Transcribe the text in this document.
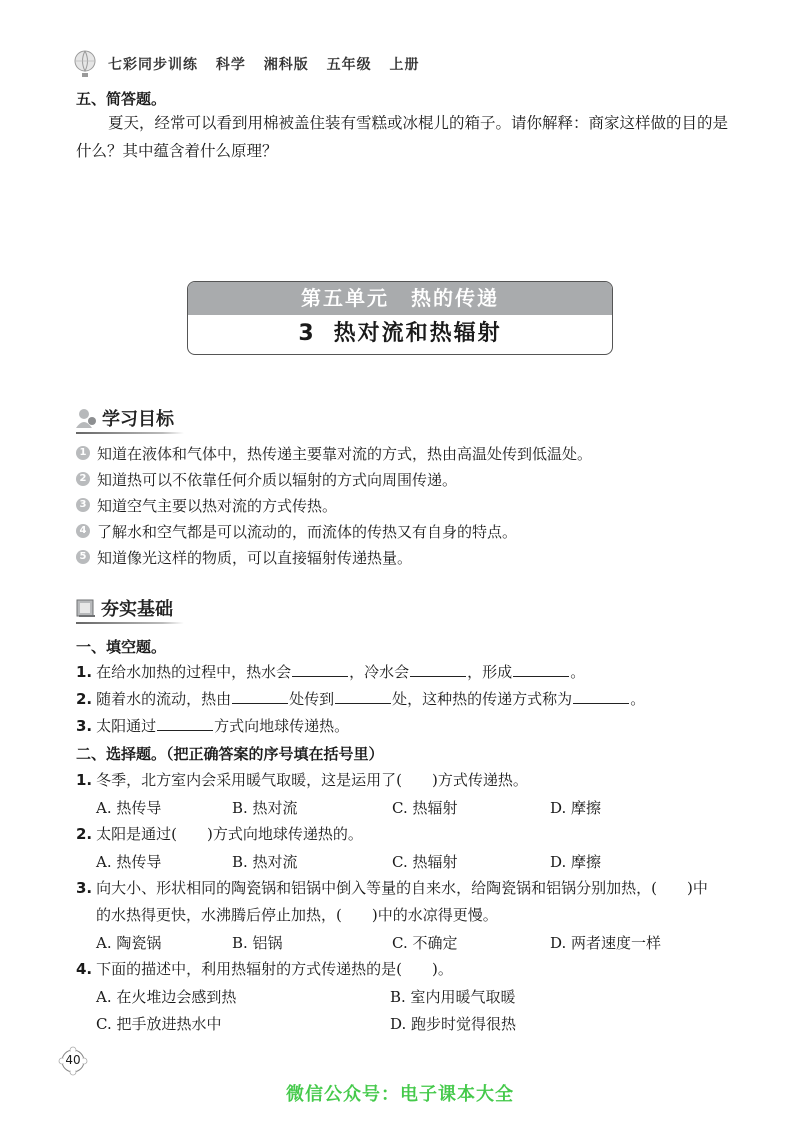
七彩同步训练 科学 湘科版 五年级 上册
五、简答题。
夏天，经常可以看到用棉被盖住装有雪糕或冰棍儿的箱子。请你解释：商家这样做的目的是
什么？其中蕴含着什么原理？
第五单元　热的传递
3 热对流和热辐射
学习目标
1 知道在液体和气体中，热传递主要靠对流的方式，热由高温处传到低温处。
2 知道热可以不依靠任何介质以辐射的方式向周围传递。
3 知道空气主要以热对流的方式传热。
4 了解水和空气都是可以流动的，而流体的传热又有自身的特点。
5 知道像光这样的物质，可以直接辐射传递热量。
夯实基础
一、填空题。
1. 在给水加热的过程中，热水会	，冷水会	，形成	。
2. 随着水的流动，热由	处传到	处，这种热的传递方式称为	。
3. 太阳通过	方式向地球传递热。
二、选择题。（把正确答案的序号填在括号里）
1. 冬季，北方室内会采用暖气取暖，这是运用了(　　)方式传递热。
A. 热传导	B. 热对流	C. 热辐射	D. 摩擦
2. 太阳是通过(　　)方式向地球传递热的。
A. 热传导	B. 热对流	C. 热辐射	D. 摩擦
3. 向大小、形状相同的陶瓷锅和铝锅中倒入等量的自来水，给陶瓷锅和铝锅分别加热，(　　)中
的水热得更快，水沸腾后停止加热，(　　)中的水凉得更慢。
A. 陶瓷锅	B. 铝锅	C. 不确定	D. 两者速度一样
4. 下面的描述中，利用热辐射的方式传递热的是(　　)。
A. 在火堆边会感到热	B. 室内用暖气取暖
C. 把手放进热水中	D. 跑步时觉得很热
40
微信公众号：电子课本大全
